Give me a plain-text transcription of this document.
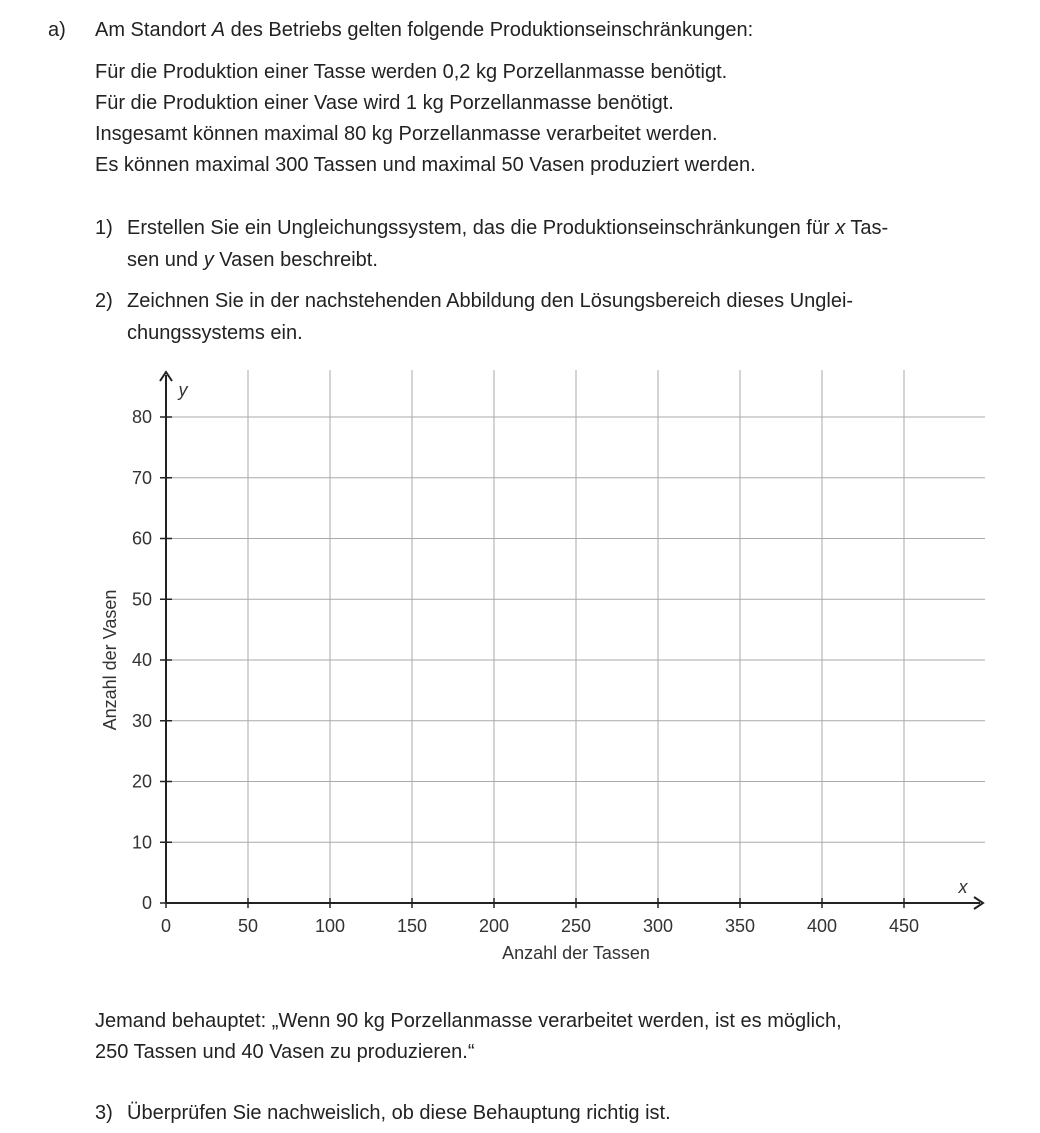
a) Am Standort A des Betriebs gelten folgende Produktionseinschränkungen:
Für die Produktion einer Tasse werden 0,2 kg Porzellanmasse benötigt.
Für die Produktion einer Vase wird 1 kg Porzellanmasse benötigt.
Insgesamt können maximal 80 kg Porzellanmasse verarbeitet werden.
Es können maximal 300 Tassen und maximal 50 Vasen produziert werden.
1) Erstellen Sie ein Ungleichungssystem, das die Produktionseinschränkungen für x Tas-
sen und y Vasen beschreibt.
2) Zeichnen Sie in der nachstehenden Abbildung den Lösungsbereich dieses Unglei-
chungssystems ein.
0	50	100	150	200	250	300	350	400	450
0
10
20
30
40
50
60
70
80
x
y
Anzahl der Tassen
Anzahl der Vasen
Jemand behauptet: „Wenn 90 kg Porzellanmasse verarbeitet werden, ist es möglich,
250 Tassen und 40 Vasen zu produzieren.“
3) Überprüfen Sie nachweislich, ob diese Behauptung richtig ist.
